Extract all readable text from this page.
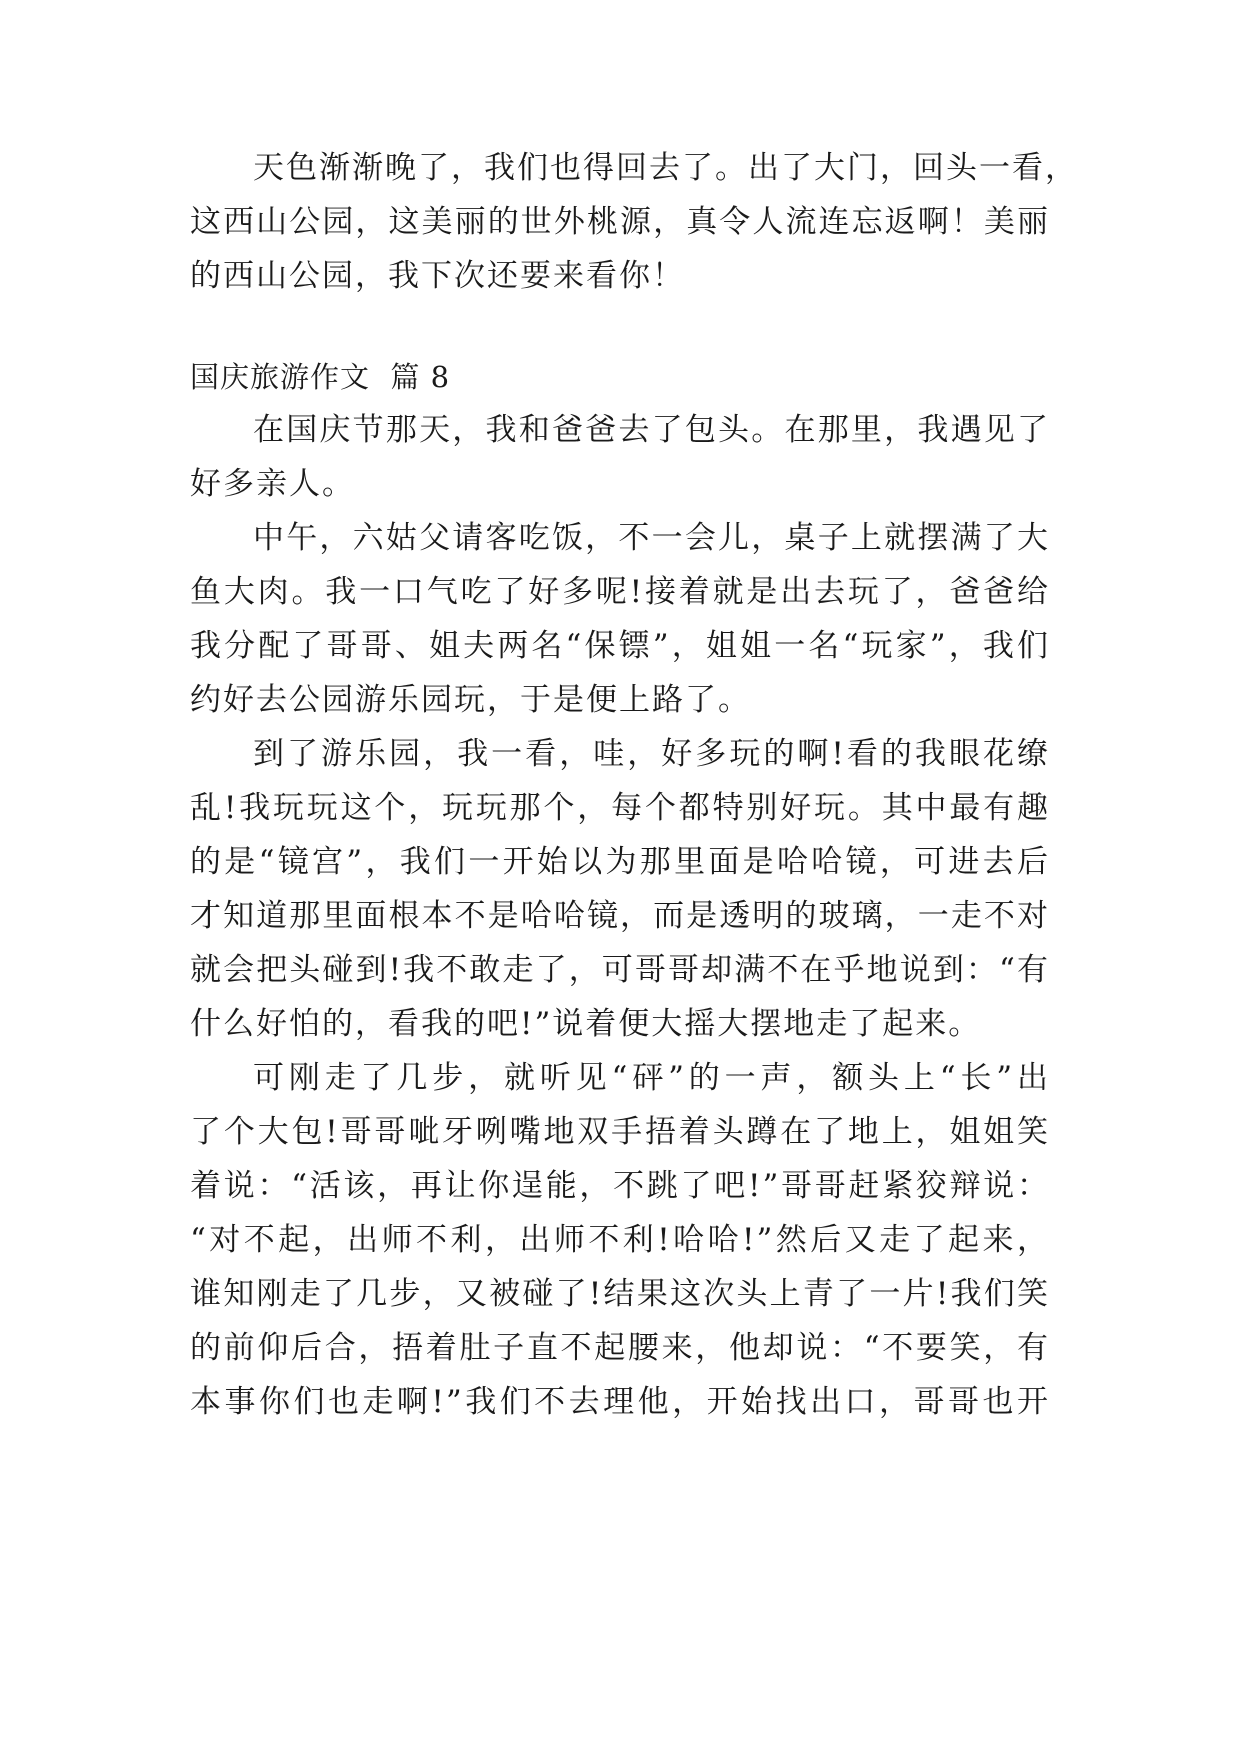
天色渐渐晚了，我们也得回去了。出了大门，回头一看，
这西山公园，这美丽的世外桃源，真令人流连忘返啊！美丽
的西山公园，我下次还要来看你！
国庆旅游作文  篇 8
在国庆节那天，我和爸爸去了包头。在那里，我遇见了
好多亲人。
中午，六姑父请客吃饭，不一会儿，桌子上就摆满了大
鱼大肉。我一口气吃了好多呢!接着就是出去玩了，爸爸给
我分配了哥哥、姐夫两名“保镖”，姐姐一名“玩家”，我们
约好去公园游乐园玩，于是便上路了。
到了游乐园，我一看，哇，好多玩的啊!看的我眼花缭
乱!我玩玩这个，玩玩那个，每个都特别好玩。其中最有趣
的是“镜宫”，我们一开始以为那里面是哈哈镜，可进去后
才知道那里面根本不是哈哈镜，而是透明的玻璃，一走不对
就会把头碰到!我不敢走了，可哥哥却满不在乎地说到：“有
什么好怕的，看我的吧!”说着便大摇大摆地走了起来。
可刚走了几步，就听见“砰”的一声，额头上“长”出
了个大包!哥哥呲牙咧嘴地双手捂着头蹲在了地上，姐姐笑
着说：“活该，再让你逞能，不跳了吧!”哥哥赶紧狡辩说：
“对不起，出师不利，出师不利!哈哈!”然后又走了起来，
谁知刚走了几步，又被碰了!结果这次头上青了一片!我们笑
的前仰后合，捂着肚子直不起腰来，他却说：“不要笑，有
本事你们也走啊!”我们不去理他，开始找出口，哥哥也开
